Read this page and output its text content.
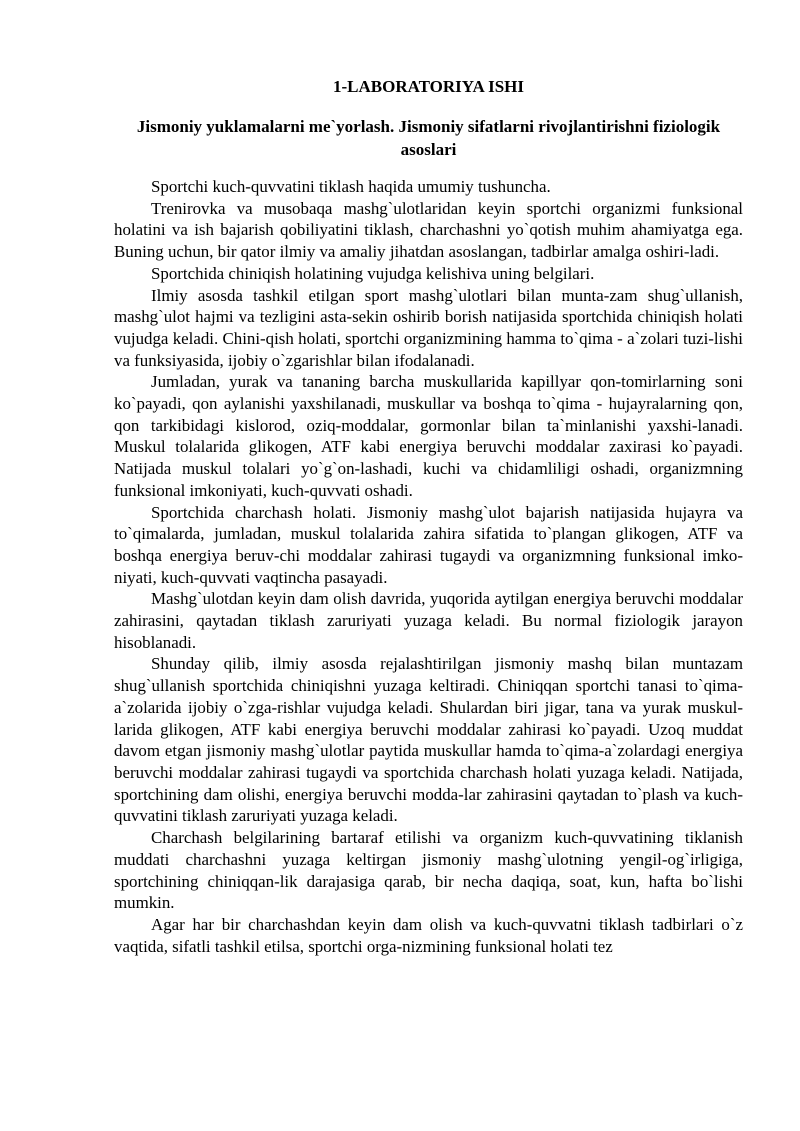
1-LABORATORIYA ISHI
Jismoniy yuklamalarni me`yorlash. Jismoniy sifatlarni rivojlantirishni fiziologik asoslari

Sportchi kuch-quvvatini tiklash haqida umumiy tushuncha.

Trenirovka va musobaqa mashg`ulotlaridan keyin sportchi organizmi funksional holatini va ish bajarish qobiliyatini tiklash, charchashni yo`qotish muhim ahamiyatga ega. Buning uchun, bir qator ilmiy va amaliy jihatdan asoslangan, tadbirlar amalga oshiri-ladi.

Sportchida chiniqish holatining vujudga kelishiva uning belgilari.

Ilmiy asosda tashkil etilgan sport mashg`ulotlari bilan munta-zam shug`ullanish, mashg`ulot hajmi va tezligini asta-sekin oshirib borish natijasida sportchida chiniqish holati vujudga keladi. Chini-qish holati, sportchi organizmining hamma to`qima - a`zolari tuzi-lishi va funksiyasida, ijobiy o`zgarishlar bilan ifodalanadi.

Jumladan, yurak va tananing barcha muskullarida kapillyar qon-tomirlarning soni ko`payadi, qon aylanishi yaxshilanadi, muskullar va boshqa to`qima - hujayralarning qon, qon tarkibidagi kislorod, oziq-moddalar, gormonlar bilan ta`minlanishi yaxshi-lanadi. Muskul tolalarida glikogen, ATF kabi energiya beruvchi moddalar zaxirasi ko`payadi. Natijada muskul tolalari yo`g`on-lashadi, kuchi va chidamliligi oshadi, organizmning funksional imkoniyati, kuch-quvvati oshadi.

Sportchida charchash holati. Jismoniy mashg`ulot bajarish natijasida hujayra va to`qimalarda, jumladan, muskul tolalarida zahira sifatida to`plangan glikogen, ATF va boshqa energiya beruv-chi moddalar zahirasi tugaydi va organizmning funksional imko-niyati, kuch-quvvati vaqtincha pasayadi.

Mashg`ulotdan keyin dam olish davrida, yuqorida aytilgan energiya beruvchi moddalar zahirasini, qaytadan tiklash zaruriyati yuzaga keladi. Bu normal fiziologik jarayon hisoblanadi.

Shunday qilib, ilmiy asosda rejalashtirilgan jismoniy mashq bilan muntazam shug`ullanish sportchida chiniqishni yuzaga keltiradi. Chiniqqan sportchi tanasi to`qima-a`zolarida ijobiy o`zga-rishlar vujudga keladi. Shulardan biri jigar, tana va yurak muskul-larida glikogen, ATF kabi energiya beruvchi moddalar zahirasi ko`payadi. Uzoq muddat davom etgan jismoniy mashg`ulotlar paytida muskullar hamda to`qima-a`zolardagi energiya beruvchi moddalar zahirasi tugaydi va sportchida charchash holati yuzaga keladi. Natijada, sportchining dam olishi, energiya beruvchi modda-lar zahirasini qaytadan to`plash va kuch-quvvatini tiklash zaruriyati yuzaga keladi.

Charchash belgilarining bartaraf etilishi va organizm kuch-quvvatining tiklanish muddati charchashni yuzaga keltirgan jismoniy mashg`ulotning yengil-og`irligiga, sportchining chiniqqan-lik darajasiga qarab, bir necha daqiqa, soat, kun, hafta bo`lishi mumkin.

Agar har bir charchashdan keyin dam olish va kuch-quvvatni tiklash tadbirlari o`z vaqtida, sifatli tashkil etilsa, sportchi orga-nizmining funksional holati tez
